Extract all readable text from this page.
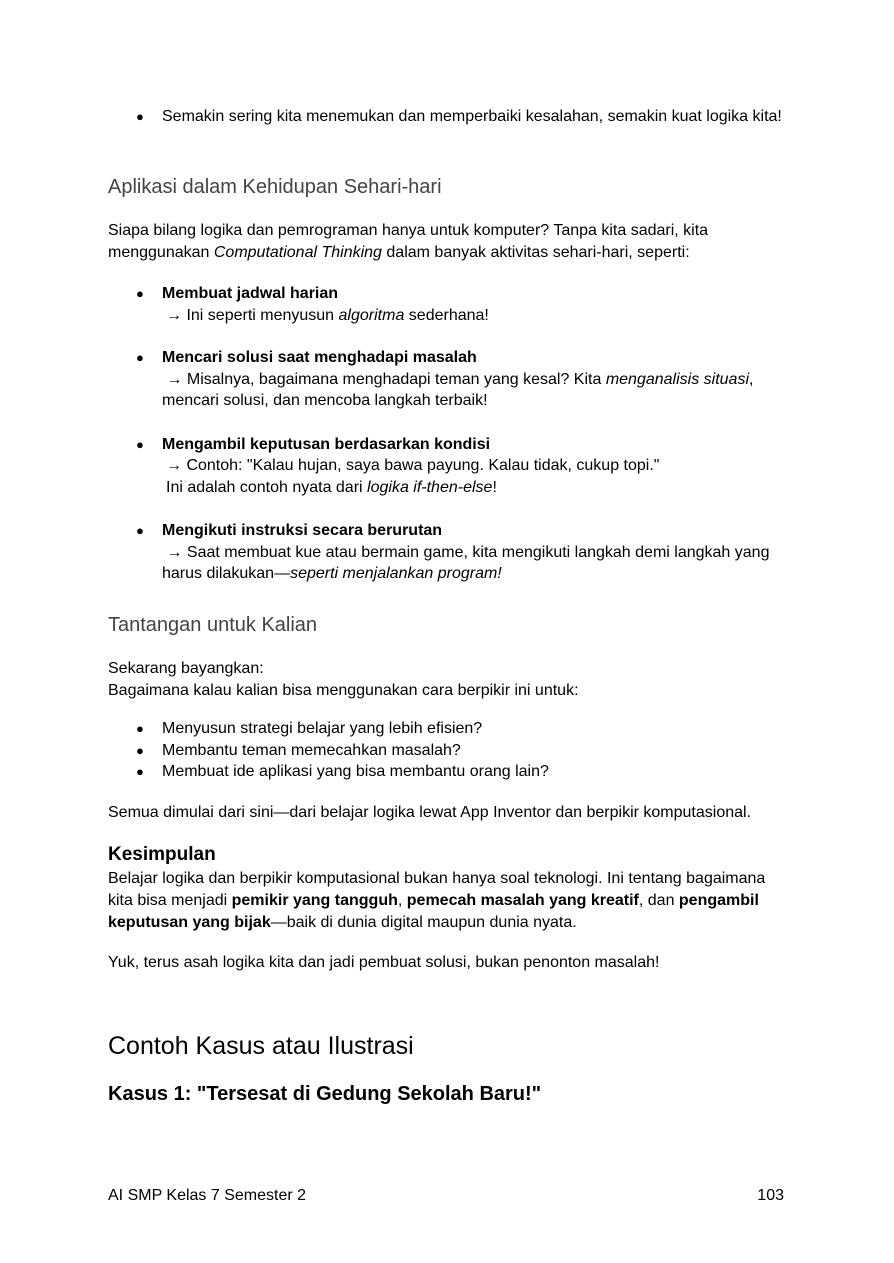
● Semakin sering kita menemukan dan memperbaiki kesalahan, semakin kuat logika kita!
Aplikasi dalam Kehidupan Sehari-hari
Siapa bilang logika dan pemrograman hanya untuk komputer? Tanpa kita sadari, kita menggunakan Computational Thinking dalam banyak aktivitas sehari-hari, seperti:
● Membuat jadwal harian
→ Ini seperti menyusun algoritma sederhana!
● Mencari solusi saat menghadapi masalah
→ Misalnya, bagaimana menghadapi teman yang kesal? Kita menganalisis situasi, mencari solusi, dan mencoba langkah terbaik!
● Mengambil keputusan berdasarkan kondisi
→ Contoh: "Kalau hujan, saya bawa payung. Kalau tidak, cukup topi."
Ini adalah contoh nyata dari logika if-then-else!
● Mengikuti instruksi secara berurutan
→ Saat membuat kue atau bermain game, kita mengikuti langkah demi langkah yang harus dilakukan—seperti menjalankan program!
Tantangan untuk Kalian
Sekarang bayangkan:
Bagaimana kalau kalian bisa menggunakan cara berpikir ini untuk:
● Menyusun strategi belajar yang lebih efisien?
● Membantu teman memecahkan masalah?
● Membuat ide aplikasi yang bisa membantu orang lain?
Semua dimulai dari sini—dari belajar logika lewat App Inventor dan berpikir komputasional.
Kesimpulan
Belajar logika dan berpikir komputasional bukan hanya soal teknologi. Ini tentang bagaimana kita bisa menjadi pemikir yang tangguh, pemecah masalah yang kreatif, dan pengambil keputusan yang bijak—baik di dunia digital maupun dunia nyata.
Yuk, terus asah logika kita dan jadi pembuat solusi, bukan penonton masalah!
Contoh Kasus atau Ilustrasi
Kasus 1: "Tersesat di Gedung Sekolah Baru!"
AI SMP Kelas 7 Semester 2	103
